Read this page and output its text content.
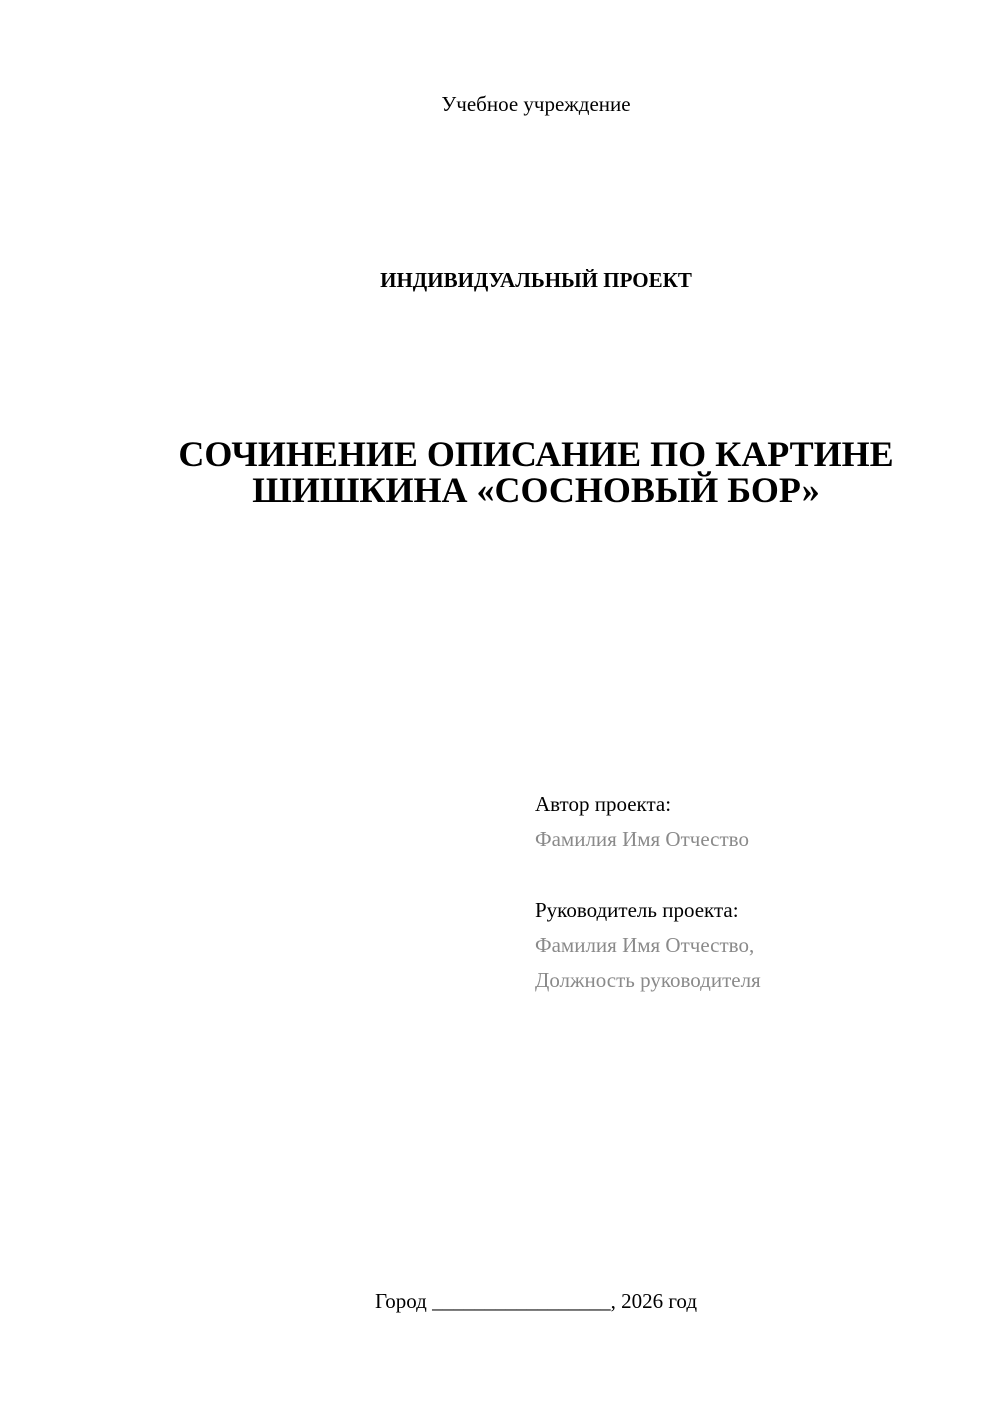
Учебное учреждение
ИНДИВИДУАЛЬНЫЙ ПРОЕКТ
СОЧИНЕНИЕ ОПИСАНИЕ ПО КАРТИНЕ
ШИШКИНА «СОСНОВЫЙ БОР»
Автор проекта:
Фамилия Имя Отчество
Руководитель проекта:
Фамилия Имя Отчество,
Должность руководителя
Город _________________, 2026 год
